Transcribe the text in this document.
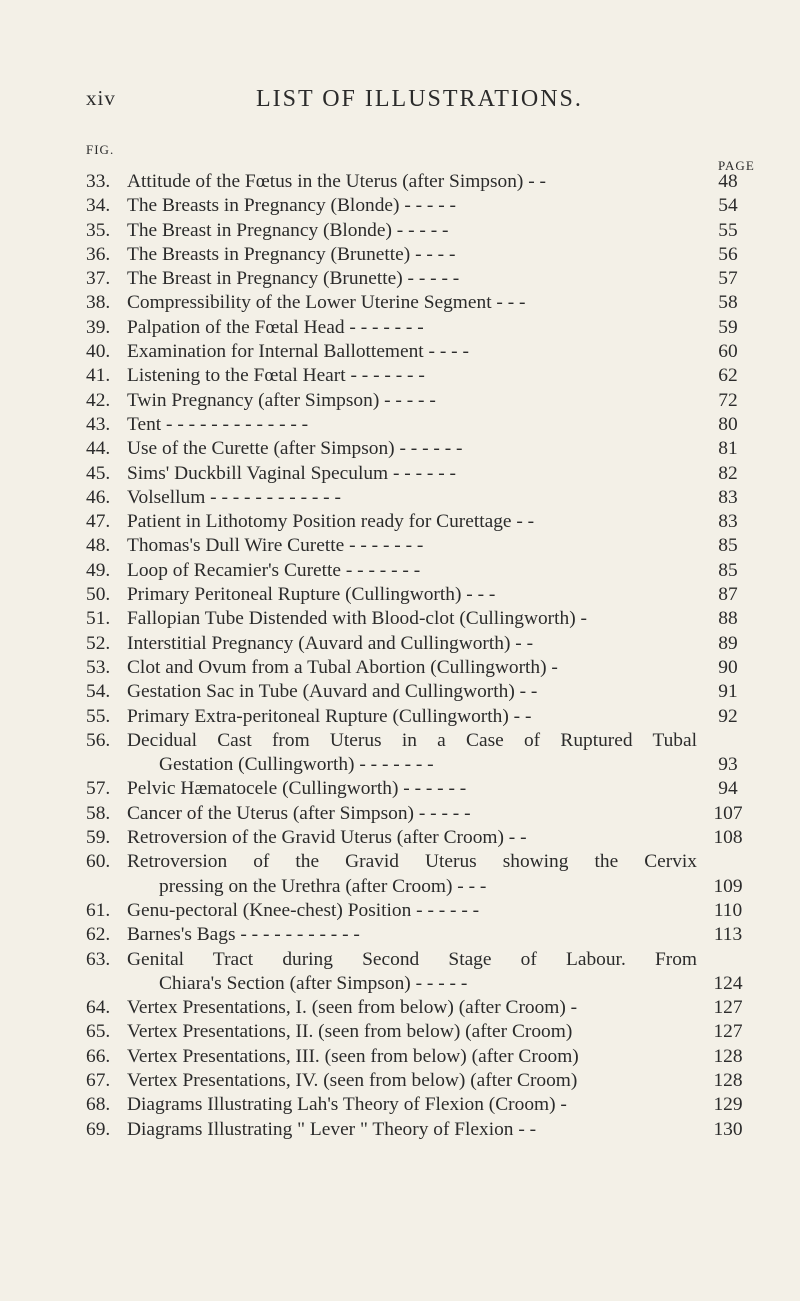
xiv	LIST OF ILLUSTRATIONS.
FIG.
PAGE
33. Attitude of the Fœtus in the Uterus (after Simpson) - -	48
34. The Breasts in Pregnancy (Blonde) - - - - -	54
35. The Breast in Pregnancy (Blonde) - - - - -	55
36. The Breasts in Pregnancy (Brunette) - - - -	56
37. The Breast in Pregnancy (Brunette) - - - - -	57
38. Compressibility of the Lower Uterine Segment - - -	58
39. Palpation of the Fœtal Head - - - - - - -	59
40. Examination for Internal Ballottement - - - -	60
41. Listening to the Fœtal Heart - - - - - - -	62
42. Twin Pregnancy (after Simpson) - - - - -	72
43. Tent - - - - - - - - - - - - -	80
44. Use of the Curette (after Simpson) - - - - - -	81
45. Sims' Duckbill Vaginal Speculum - - - - - -	82
46. Volsellum - - - - - - - - - - - -	83
47. Patient in Lithotomy Position ready for Curettage - -	83
48. Thomas's Dull Wire Curette - - - - - - -	85
49. Loop of Recamier's Curette - - - - - - -	85
50. Primary Peritoneal Rupture (Cullingworth) - - -	87
51. Fallopian Tube Distended with Blood-clot (Cullingworth) -	88
52. Interstitial Pregnancy (Auvard and Cullingworth) - -	89
53. Clot and Ovum from a Tubal Abortion (Cullingworth) -	90
54. Gestation Sac in Tube (Auvard and Cullingworth) - -	91
55. Primary Extra-peritoneal Rupture (Cullingworth) - -	92
56. Decidual Cast from Uterus in a Case of Ruptured Tubal
Gestation (Cullingworth) - - - - - - -	93
57. Pelvic Hæmatocele (Cullingworth) - - - - - -	94
58. Cancer of the Uterus (after Simpson) - - - - -	107
59. Retroversion of the Gravid Uterus (after Croom) - -	108
60. Retroversion of the Gravid Uterus showing the Cervix
pressing on the Urethra (after Croom) - - -	109
61. Genu-pectoral (Knee-chest) Position - - - - - -	110
62. Barnes's Bags - - - - - - - - - - -	113
63. Genital Tract during Second Stage of Labour. From
Chiara's Section (after Simpson) - - - - -	124
64. Vertex Presentations, I. (seen from below) (after Croom) -	127
65. Vertex Presentations, II. (seen from below) (after Croom)	127
66. Vertex Presentations, III. (seen from below) (after Croom)	128
67. Vertex Presentations, IV. (seen from below) (after Croom)	128
68. Diagrams Illustrating Lah's Theory of Flexion (Croom) -	129
69. Diagrams Illustrating " Lever " Theory of Flexion - -	130
